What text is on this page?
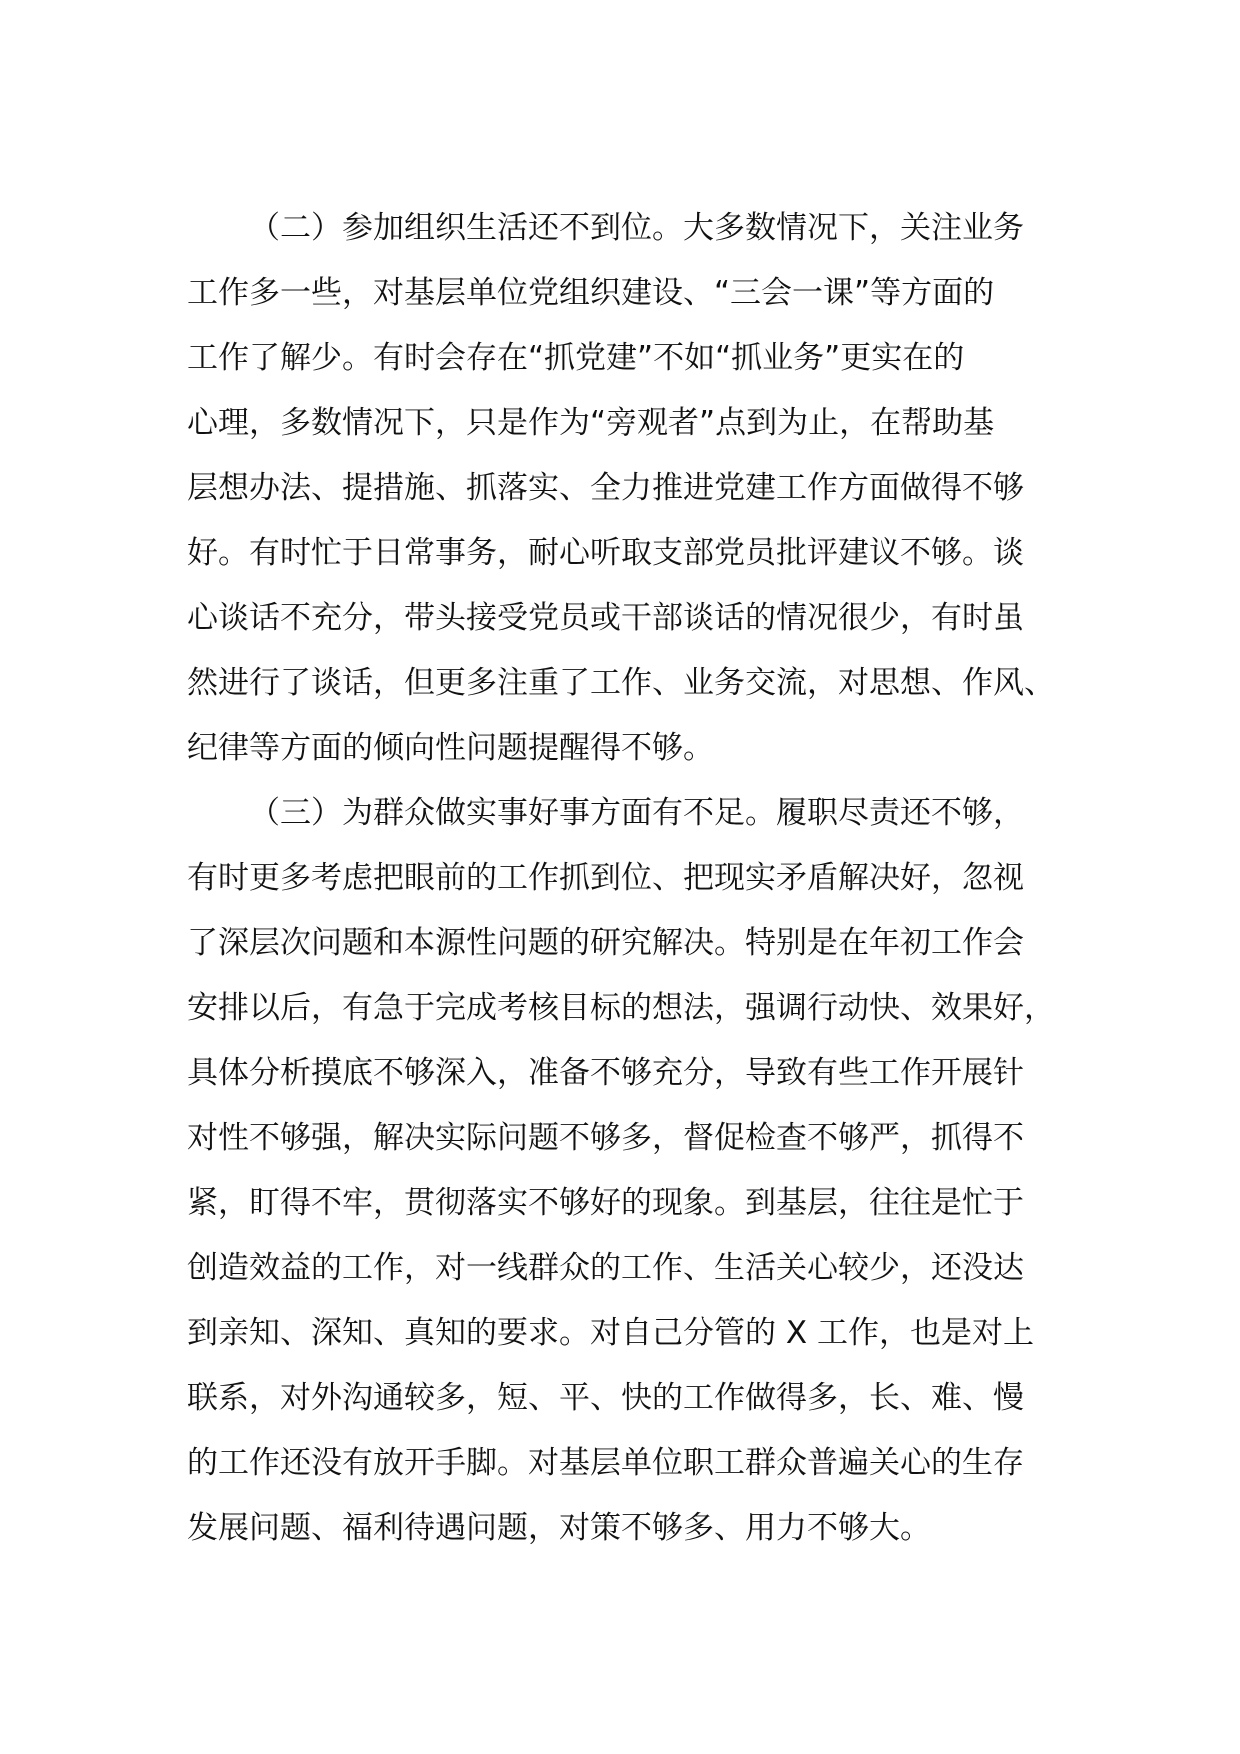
（二）参加组织生活还不到位。大多数情况下，关注业务
工作多一些，对基层单位党组织建设、“三会一课”等方面的
工作了解少。有时会存在“抓党建”不如“抓业务”更实在的
心理，多数情况下，只是作为“旁观者”点到为止，在帮助基
层想办法、提措施、抓落实、全力推进党建工作方面做得不够
好。有时忙于日常事务，耐心听取支部党员批评建议不够。谈
心谈话不充分，带头接受党员或干部谈话的情况很少，有时虽
然进行了谈话，但更多注重了工作、业务交流，对思想、作风、
纪律等方面的倾向性问题提醒得不够。
（三）为群众做实事好事方面有不足。履职尽责还不够，
有时更多考虑把眼前的工作抓到位、把现实矛盾解决好，忽视
了深层次问题和本源性问题的研究解决。特别是在年初工作会
安排以后，有急于完成考核目标的想法，强调行动快、效果好，
具体分析摸底不够深入，准备不够充分，导致有些工作开展针
对性不够强，解决实际问题不够多，督促检查不够严，抓得不
紧，盯得不牢，贯彻落实不够好的现象。到基层，往往是忙于
创造效益的工作，对一线群众的工作、生活关心较少，还没达
到亲知、深知、真知的要求。对自己分管的 X 工作，也是对上
联系，对外沟通较多，短、平、快的工作做得多，长、难、慢
的工作还没有放开手脚。对基层单位职工群众普遍关心的生存
发展问题、福利待遇问题，对策不够多、用力不够大。
